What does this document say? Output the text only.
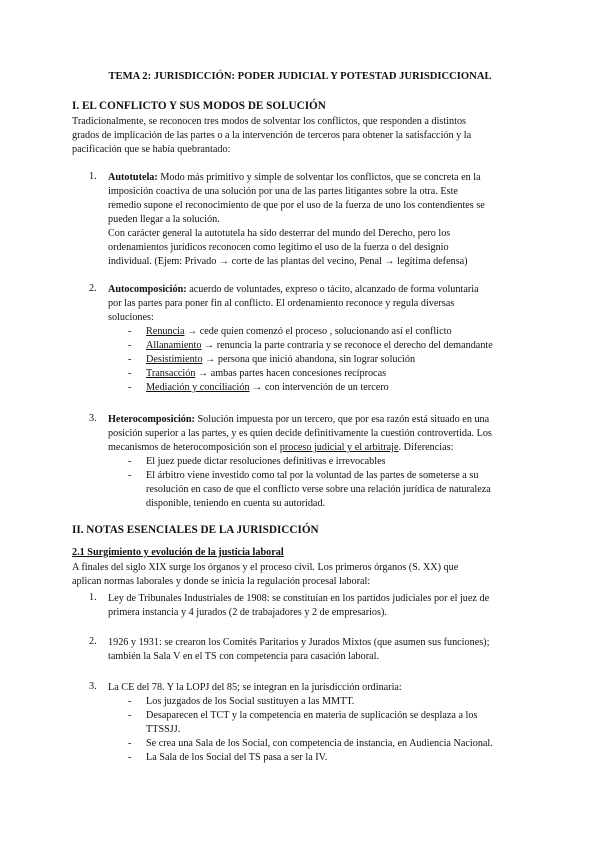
TEMA 2: JURISDICCIÓN: PODER JUDICIAL Y POTESTAD JURISDICCIONAL
I. EL CONFLICTO Y SUS MODOS DE SOLUCIÓN
Tradicionalmente, se reconocen tres modos de solventar los conflictos, que responden a distintos
grados de implicación de las partes o a la intervención de terceros para obtener la satisfacción y la
pacificación que se había quebrantado:
1. Autotutela: Modo más primitivo y simple de solventar los conflictos, que se concreta en la
imposición coactiva de una solución por una de las partes litigantes sobre la otra. Este
remedio supone el reconocimiento de que por el uso de la fuerza de uno los contendientes se
pueden llegar a la solución.
Con carácter general la autotutela ha sido desterrar del mundo del Derecho, pero los
ordenamientos jurídicos reconocen como legítimo el uso de la fuerza o del designio
individual. (Ejem: Privado → corte de las plantas del vecino, Penal → legítima defensa)
2. Autocomposición: acuerdo de voluntades, expreso o tácito, alcanzado de forma voluntaria
por las partes para poner fin al conflicto. El ordenamiento reconoce y regula diversas
soluciones:
- Renuncia → cede quien comenzó el proceso , solucionando así el conflicto
- Allanamiento → renuncia la parte contraria y se reconoce el derecho del demandante
- Desistimiento → persona que inició abandona, sin lograr solución
- Transacción → ambas partes hacen concesiones recíprocas
- Mediación y conciliación → con intervención de un tercero
3. Heterocomposición: Solución impuesta por un tercero, que por esa razón está situado en una
posición superior a las partes, y es quien decide definitivamente la cuestión controvertida. Los
mecanismos de heterocomposición son el proceso judicial y el arbitraje. Diferencias:
- El juez puede dictar resoluciones definitivas e irrevocables
- El árbitro viene investido como tal por la voluntad de las partes de someterse a su
resolución en caso de que el conflicto verse sobre una relación jurídica de naturaleza
disponible, teniendo en cuenta su autoridad.
II. NOTAS ESENCIALES DE LA JURISDICCIÓN
2.1 Surgimiento y evolución de la justicia laboral
A finales del siglo XIX surge los órganos y el proceso civil. Los primeros órganos (S. XX) que
aplican normas laborales y donde se inicia la regulación procesal laboral:
1. Ley de Tribunales Industriales de 1908: se constituían en los partidos judiciales por el juez de
primera instancia y 4 jurados (2 de trabajadores y 2 de empresarios).
2. 1926 y 1931: se crearon los Comités Paritarios y Jurados Mixtos (que asumen sus funciones);
también la Sala V en el TS con competencia para casación laboral.
3. La CE del 78. Y la LOPJ del 85; se integran en la jurisdicción ordinaria:
- Los juzgados de los Social sustituyen a las MMTT.
- Desaparecen el TCT y la competencia en materia de suplicación se desplaza a los
TTSSJJ.
- Se crea una Sala de los Social, con competencia de instancia, en Audiencia Nacional.
- La Sala de los Social del TS pasa a ser la IV.
